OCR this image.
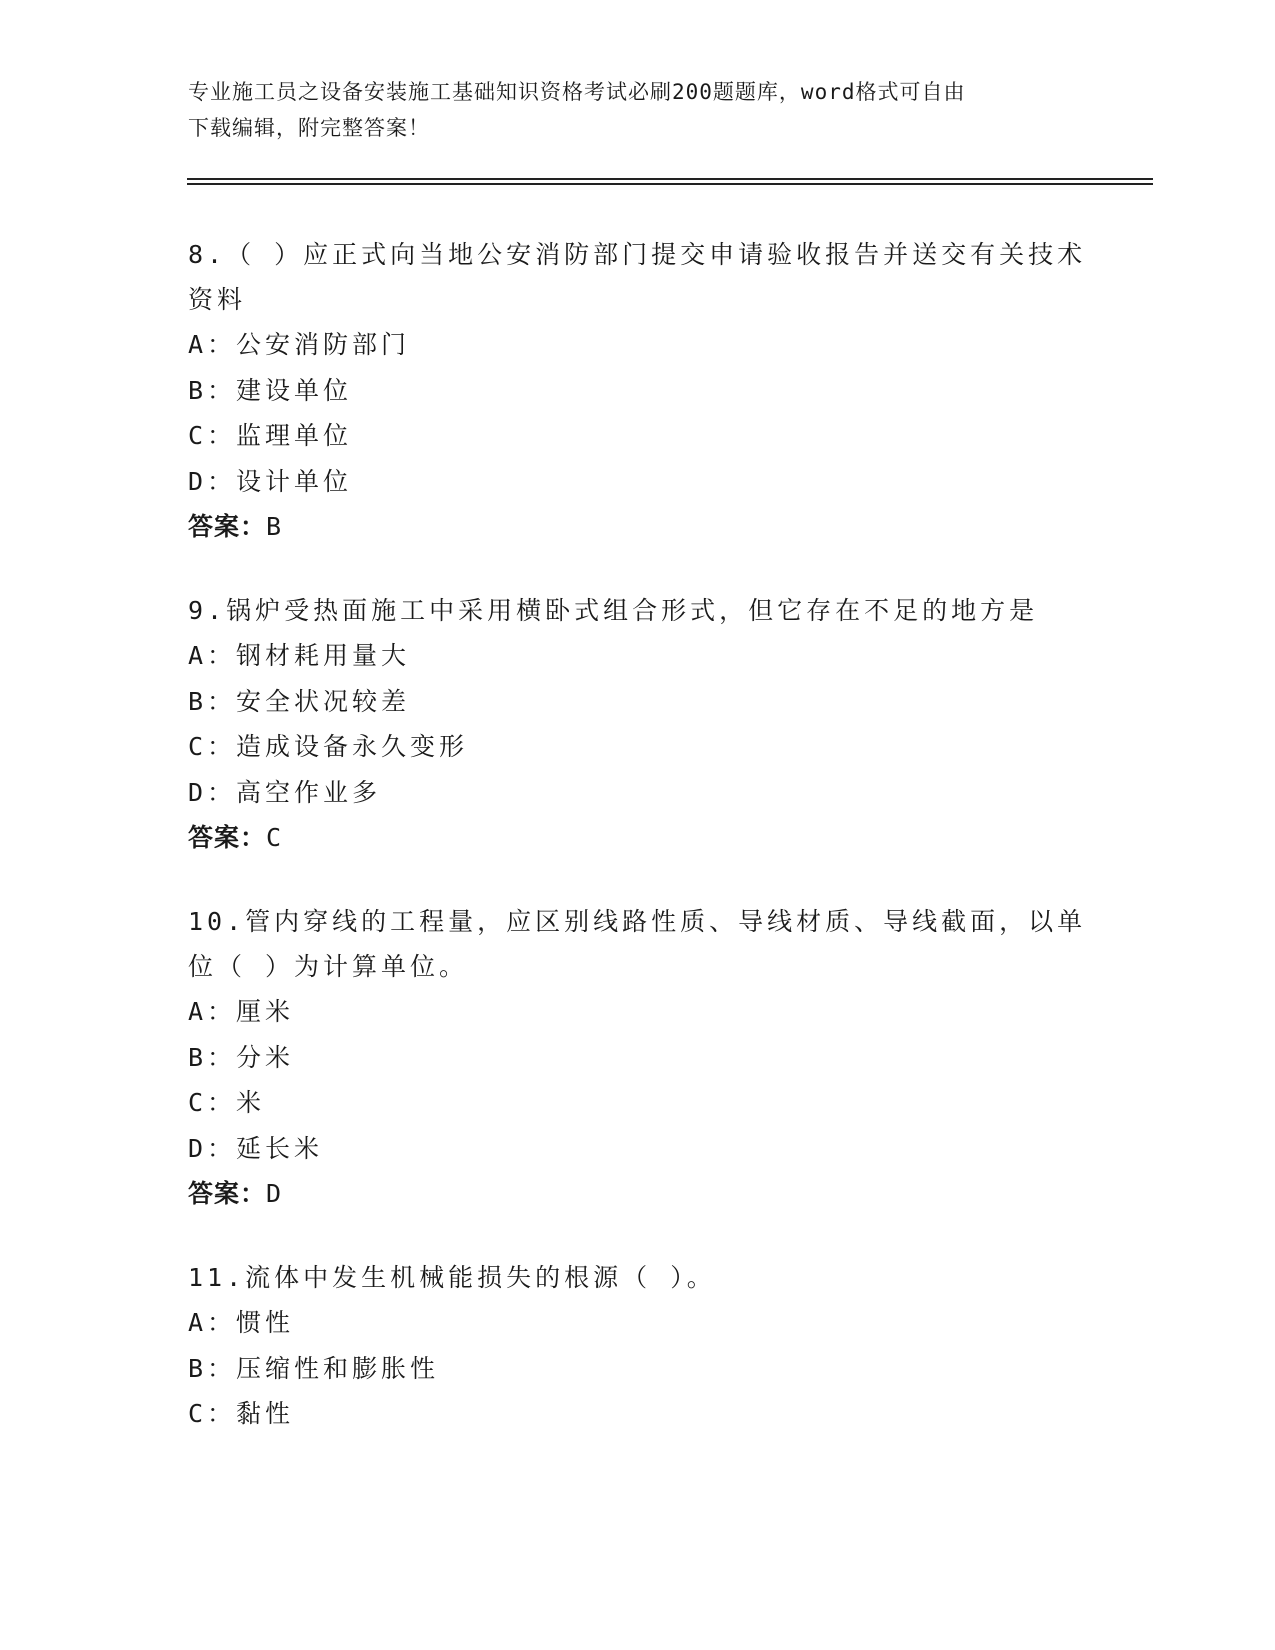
专业施工员之设备安装施工基础知识资格考试必刷200题题库，word格式可自由
下载编辑，附完整答案！
8.（ ）应正式向当地公安消防部门提交申请验收报告并送交有关技术
资料
A：公安消防部门
B：建设单位
C：监理单位
D：设计单位
答案：B
9.锅炉受热面施工中采用横卧式组合形式，但它存在不足的地方是
A：钢材耗用量大
B：安全状况较差
C：造成设备永久变形
D：高空作业多
答案：C
10.管内穿线的工程量，应区别线路性质、导线材质、导线截面，以单
位（ ）为计算单位。
A：厘米
B：分米
C：米
D：延长米
答案：D
11.流体中发生机械能损失的根源（ ）。
A：惯性
B：压缩性和膨胀性
C：黏性
